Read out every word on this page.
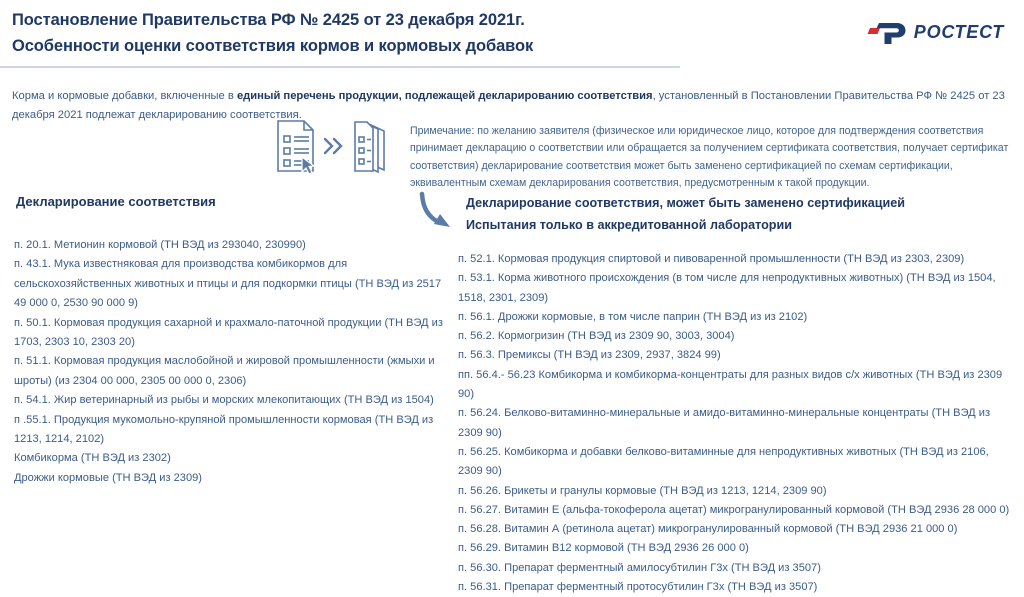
Постановление Правительства РФ № 2425 от 23 декабря 2021г.
Особенности оценки соответствия кормов и кормовых добавок
РОСТЕСТ

Корма и кормовые добавки, включенные в единый перечень продукции, подлежащей декларированию соответствия, установленный в Постановлении Правительства РФ № 2425 от 23 декабря 2021 подлежат декларированию соответствия.

Примечание: по желанию заявителя (физическое или юридическое лицо, которое для подтверждения соответствия принимает декларацию о соответствии или обращается за получением сертификата соответствия, получает сертификат соответствия) декларирование соответствия может быть заменено сертификацией по схемам сертификации, эквивалентным схемам декларирования соответствия, предусмотренным к такой продукции.

Декларирование соответствия	Декларирование соответствия, может быть заменено сертификацией
Испытания только в аккредитованной лаборатории

п. 20.1. Метионин кормовой (ТН ВЭД из 293040, 230990)

п. 43.1. Мука известняковая для производства комбикормов для сельскохозяйственных животных и птицы и для подкормки птицы (ТН ВЭД из 2517 49 000 0, 2530 90 000 9)

п. 50.1. Кормовая продукция сахарной и крахмало-паточной продукции (ТН ВЭД из 1703, 2303 10, 2303 20)

п. 51.1. Кормовая продукция маслобойной и жировой промышленности (жмыхи и шроты) (из 2304 00 000, 2305 00 000 0, 2306)

п. 54.1. Жир ветеринарный из рыбы и морских млекопитающих (ТН ВЭД из 1504)

п .55.1. Продукция мукомольно-крупяной промышленности кормовая (ТН ВЭД из 1213, 1214, 2102)

Комбикорма (ТН ВЭД из 2302)

Дрожжи кормовые (ТН ВЭД из 2309)

п. 52.1. Кормовая продукция спиртовой и пивоваренной промышленности (ТН ВЭД из 2303, 2309)

п. 53.1. Корма животного происхождения (в том числе для непродуктивных животных) (ТН ВЭД из 1504, 1518, 2301, 2309)

п. 56.1. Дрожжи кормовые, в том числе паприн (ТН ВЭД из из 2102)

п. 56.2. Кормогризин (ТН ВЭД из 2309 90, 3003, 3004)

п. 56.3. Премиксы (ТН ВЭД из 2309, 2937, 3824 99)

пп. 56.4.- 56.23 Комбикорма и комбикорма-концентраты для разных видов с/х животных (ТН ВЭД из 2309 90)

п. 56.24. Белково-витаминно-минеральные и амидо-витаминно-минеральные концентраты (ТН ВЭД из 2309 90)

п. 56.25. Комбикорма и добавки белково-витаминные для непродуктивных животных (ТН ВЭД из 2106, 2309 90)

п. 56.26. Брикеты и гранулы кормовые (ТН ВЭД из 1213, 1214, 2309 90)

п. 56.27. Витамин Е (альфа-токоферола ацетат) микрогранулированный кормовой (ТН ВЭД 2936 28 000 0)

п. 56.28. Витамин А (ретинола ацетат) микрогранулированный кормовой (ТН ВЭД 2936 21 000 0)

п. 56.29. Витамин В12 кормовой (ТН ВЭД 2936 26 000 0)

п. 56.30. Препарат ферментный амилосубтилин Г3х (ТН ВЭД из 3507)

п. 56.31. Препарат ферментный протосубтилин Г3х (ТН ВЭД из 3507)
